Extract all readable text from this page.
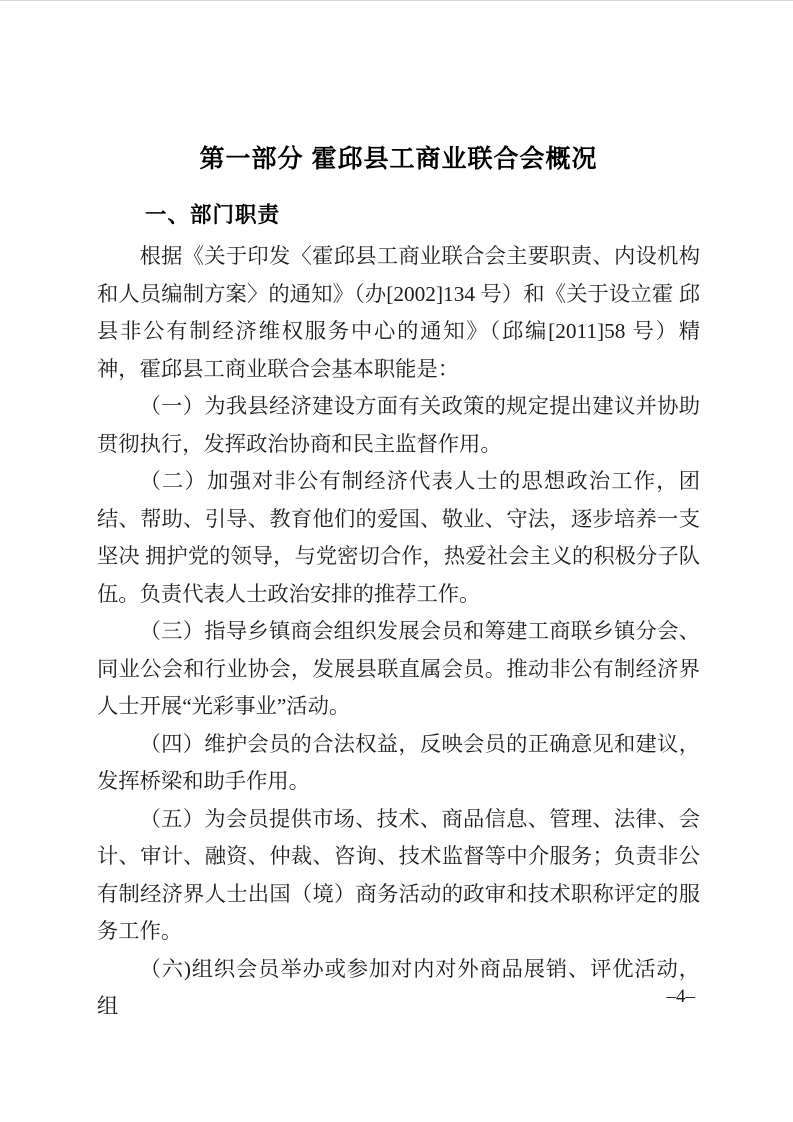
第一部分 霍邱县工商业联合会概况
一、部门职责

根据《关于印发〈霍邱县工商业联合会主要职责、内设机构和人员编制方案〉的通知》（办[2002]134 号）和《关于设立霍 邱县非公有制经济维权服务中心的通知》（邱编[2011]58 号）精神，霍邱县工商业联合会基本职能是：

（一）为我县经济建设方面有关政策的规定提出建议并协助贯彻执行，发挥政治协商和民主监督作用。

（二）加强对非公有制经济代表人士的思想政治工作，团结、帮助、引导、教育他们的爱国、敬业、守法，逐步培养一支坚决 拥护党的领导，与党密切合作，热爱社会主义的积极分子队伍。负责代表人士政治安排的推荐工作。

（三）指导乡镇商会组织发展会员和筹建工商联乡镇分会、同业公会和行业协会，发展县联直属会员。推动非公有制经济界人士开展“光彩事业”活动。

（四）维护会员的合法权益，反映会员的正确意见和建议，发挥桥梁和助手作用。

（五）为会员提供市场、技术、商品信息、管理、法律、会 计、审计、融资、仲裁、咨询、技术监督等中介服务；负责非公有制经济界人士出国（境）商务活动的政审和技术职称评定的服务工作。

（六)组织会员举办或参加对内对外商品展销、评优活动，组	–4–
